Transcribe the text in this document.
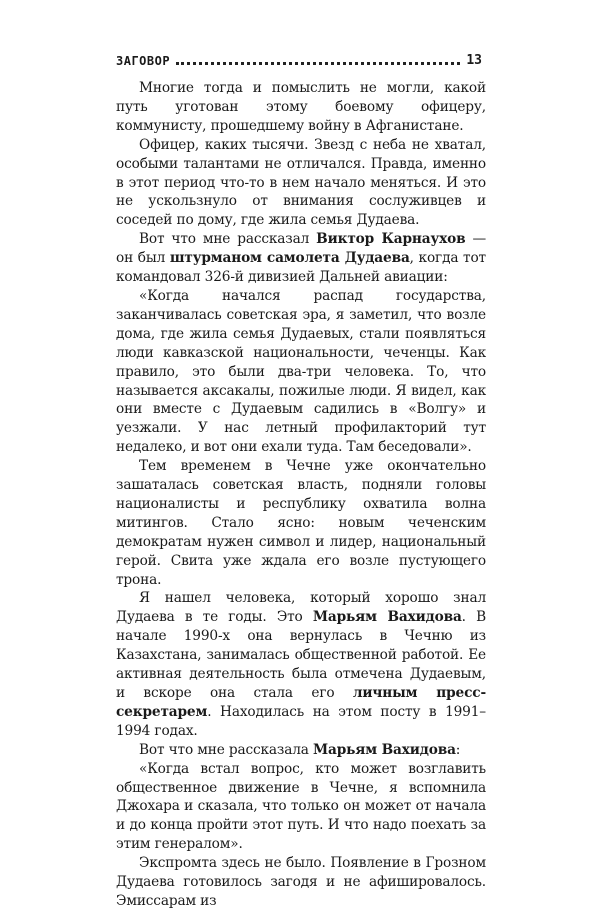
ЗАГОВОР	13

Многие тогда и помыслить не могли, какой путь уготован этому боевому офицеру, коммунисту, прошедшему войну в Афганистане.

Офицер, каких тысячи. Звезд с неба не хватал, особыми талантами не отличался. Правда, именно в этот период что-то в нем начало меняться. И это не ускользнуло от внимания сослуживцев и соседей по дому, где жила семья Дудаева.

Вот что мне рассказал Виктор Карнаухов — он был штурманом самолета Дудаева, когда тот командовал 326-й дивизией Дальней авиации:

«Когда начался распад государства, заканчивалась советская эра, я заметил, что возле дома, где жила семья Дудаевых, стали появляться люди кавказской национальности, чеченцы. Как правило, это были два-три человека. То, что называется аксакалы, пожилые люди. Я видел, как они вместе с Дудаевым садились в «Волгу» и уезжали. У нас летный профилакторий тут недалеко, и вот они ехали туда. Там беседовали».

Тем временем в Чечне уже окончательно зашаталась советская власть, подняли головы националисты и республику охватила волна митингов. Стало ясно: новым чеченским демократам нужен символ и лидер, национальный герой. Свита уже ждала его возле пустующего трона.

Я нашел человека, который хорошо знал Дудаева в те годы. Это Марьям Вахидова. В начале 1990-х она вернулась в Чечню из Казахстана, занималась общественной работой. Ее активная деятельность была отмечена Дудаевым, и вскоре она стала его личным пресс-секретарем. Находилась на этом посту в 1991–1994 годах.

Вот что мне рассказала Марьям Вахидова:

«Когда встал вопрос, кто может возглавить общественное движение в Чечне, я вспомнила Джохара и сказала, что только он может от начала и до конца пройти этот путь. И что надо поехать за этим генералом».

Экспромта здесь не было. Появление в Грозном Дудаева готовилось загодя и не афишировалось. Эмиссарам из
